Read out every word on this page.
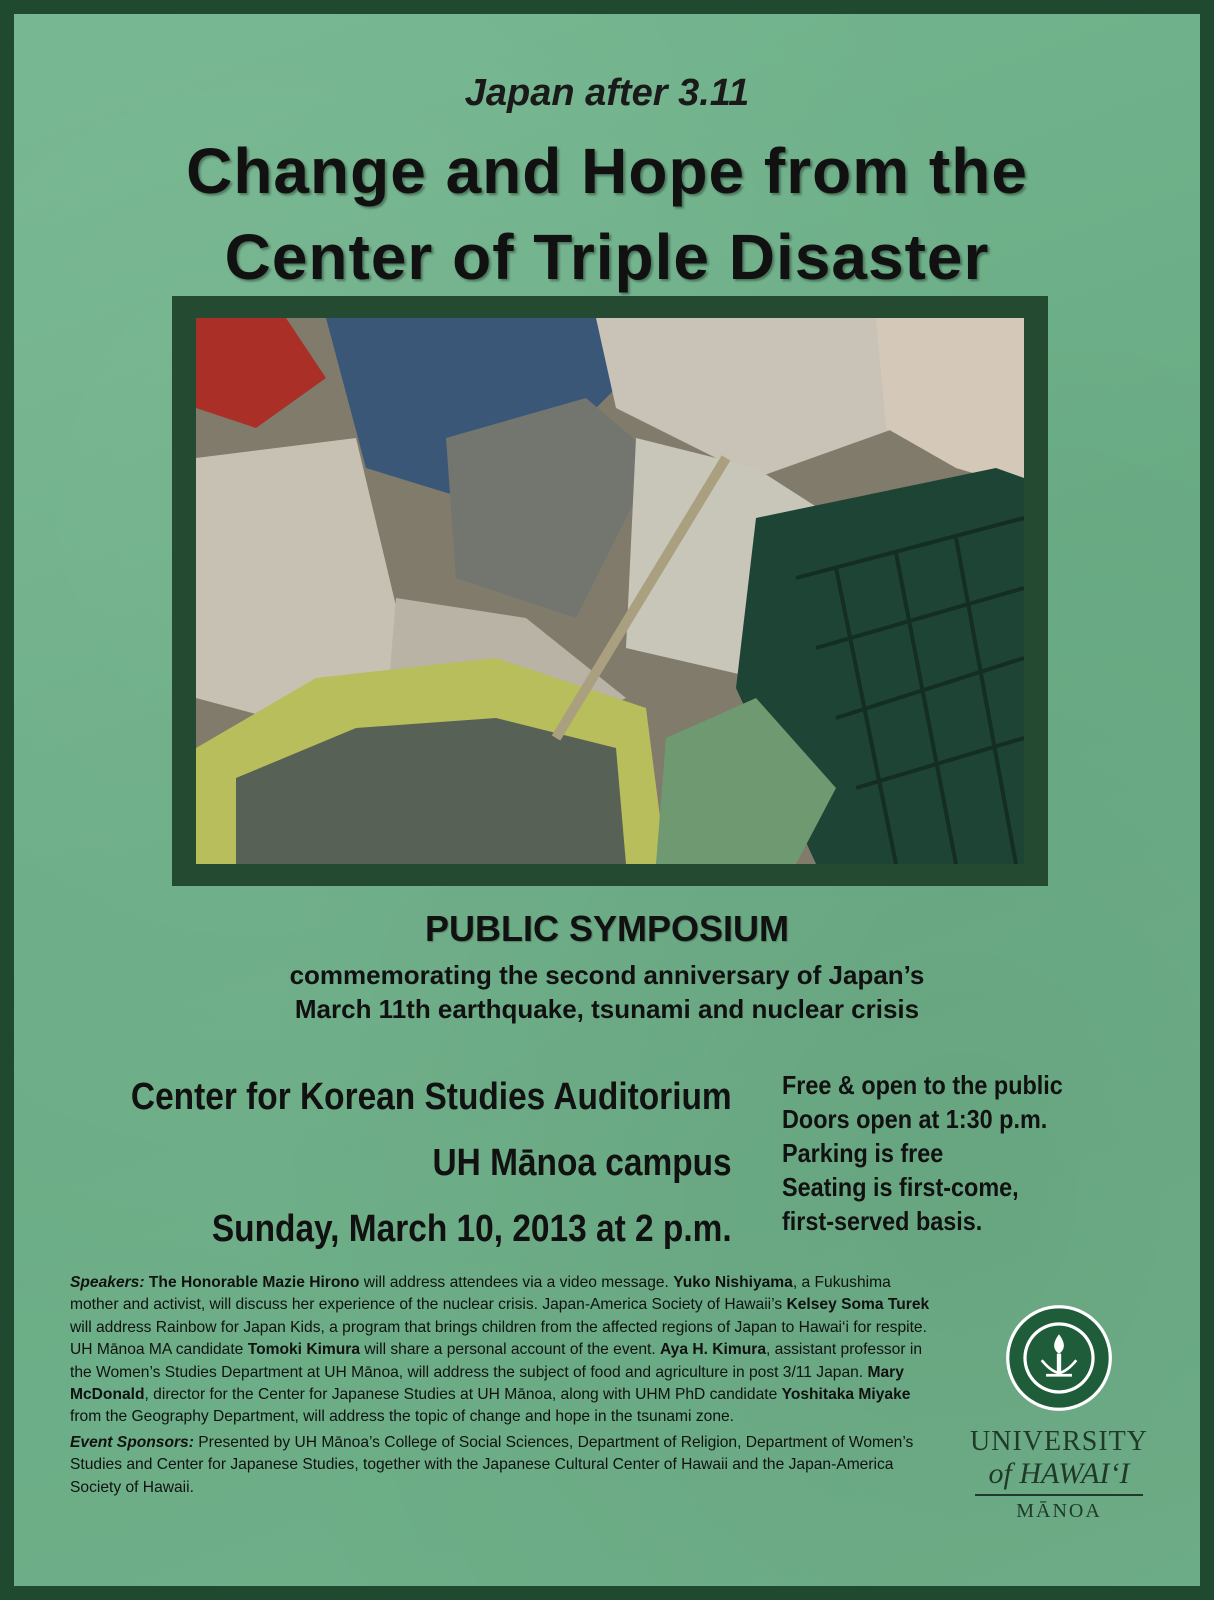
Japan after 3.11
Change and Hope from the
Center of Triple Disaster
PUBLIC SYMPOSIUM
commemorating the second anniversary of Japan’s
March 11th earthquake, tsunami and nuclear crisis
Center for Korean Studies Auditorium
UH Mānoa campus
Sunday, March 10, 2013 at 2 p.m.
Free & open to the public
Doors open at 1:30 p.m.
Parking is free
Seating is first-come,
first-served basis.

Speakers: The Honorable Mazie Hirono will address attendees via a video message. Yuko Nishiyama, a Fukushima mother and activist, will discuss her experience of the nuclear crisis. Japan-America Society of Hawaii’s Kelsey Soma Turek will address Rainbow for Japan Kids, a program that brings children from the affected regions of Japan to Hawai‘i for respite. UH Mānoa MA candidate Tomoki Kimura will share a personal account of the event. Aya H. Kimura, assistant professor in the Women’s Studies Department at UH Mānoa, will address the subject of food and agriculture in post 3/11 Japan. Mary McDonald, director for the Center for Japanese Studies at UH Mānoa, along with UHM PhD candidate Yoshitaka Miyake from the Geography Department, will address the topic of change and hope in the tsunami zone.

Event Sponsors: Presented by UH Mānoa’s College of Social Sciences, Department of Religion, Department of Women’s Studies and Center for Japanese Studies, together with the Japanese Cultural Center of Hawaii and the Japan-America Society of Hawaii.

UNIVERSITY
of HAWAI‘I
MĀNOA
